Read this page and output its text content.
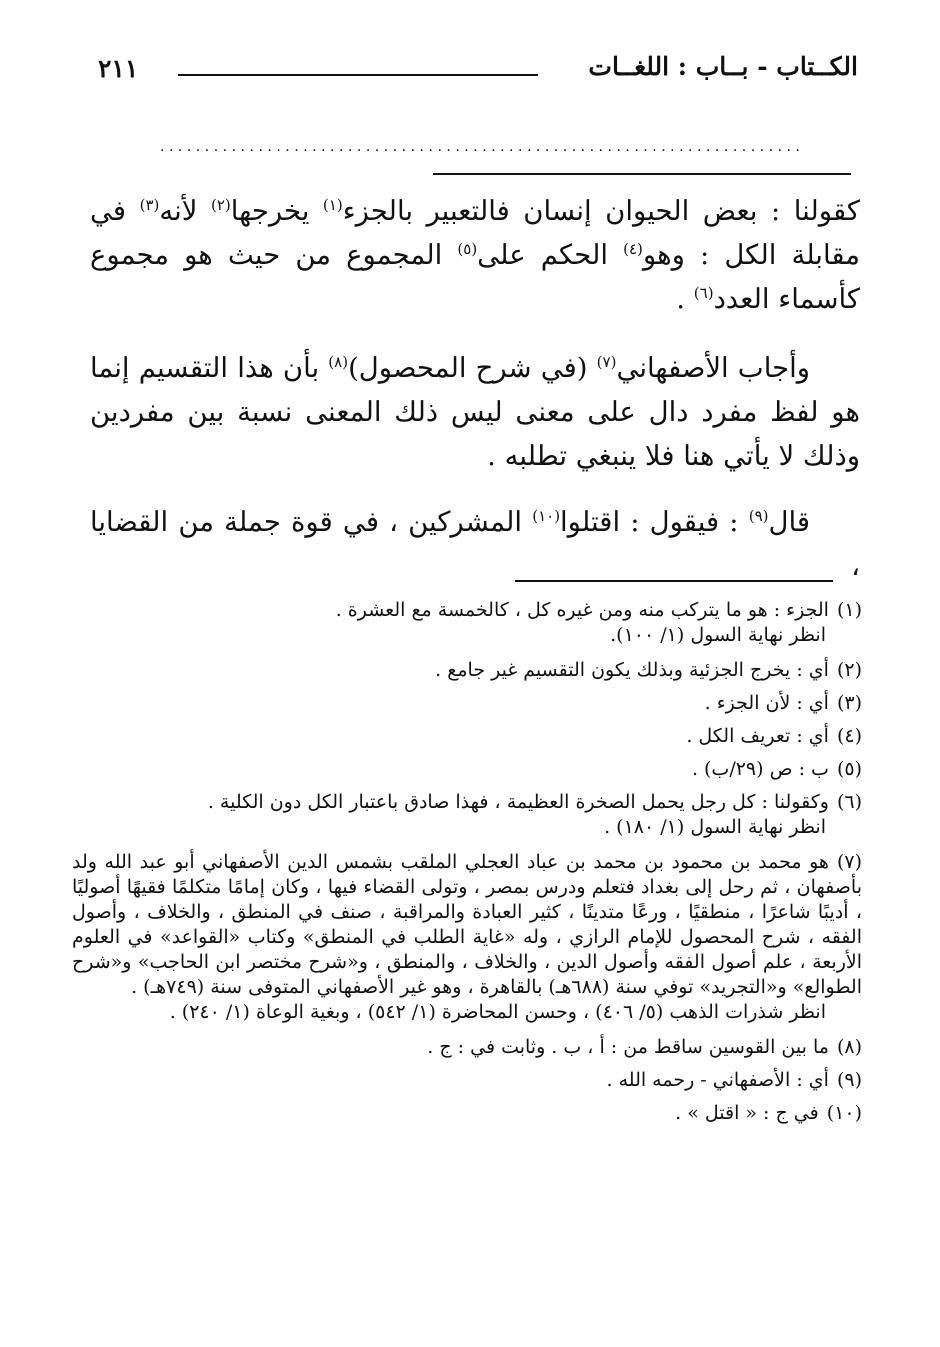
الكــتاب - بــاب : اللغــات
٢١١
........................................................................

كقولنا : بعض الحيوان إنسان فالتعبير بالجزء$^{(١)}$ يخرجها$^{(٢)}$ لأنه$^{(٣)}$ في مقابلة الكل : وهو$^{(٤)}$ الحكم على$^{(٥)}$ المجموع من حيث هو مجموع كأسماء العدد$^{(٦)}$ .

وأجاب الأصفهاني$^{(٧)}$ (في شرح المحصول)$^{(٨)}$ بأن هذا التقسيم إنما هو لفظ مفرد دال على معنى ليس ذلك المعنى نسبة بين مفردين وذلك لا يأتي هنا فلا ينبغي تطلبه .

قال$^{(٩)}$ : فيقول : اقتلوا$^{(١٠)}$ المشركين ، في قوة جملة من القضايا ،

(١)الجزء : هو ما يتركب منه ومن غيره كل ، كالخمسة مع العشرة .

انظر نهاية السول (١/ ١٠٠).

(٢)أي : يخرج الجزئية وبذلك يكون التقسيم غير جامع .

(٣)أي : لأن الجزء .

(٤)أي : تعريف الكل .

(٥)ب : ص (٢٩/ب) .

(٦)وكقولنا : كل رجل يحمل الصخرة العظيمة ، فهذا صادق باعتبار الكل دون الكلية .

انظر نهاية السول (١/ ١٨٠) .

(٧)هو محمد بن محمود بن محمد بن عباد العجلي الملقب بشمس الدين الأصفهاني أبو عبد الله ولد بأصفهان ، ثم رحل إلى بغداد فتعلم ودرس بمصر ، وتولى القضاء فيها ، وكان إمامًا متكلمًا فقيهًا أصوليًا ، أديبًا شاعرًا ، منطقيًا ، ورعًا متدينًا ، كثير العبادة والمراقبة ، صنف في المنطق ، والخلاف ، وأصول الفقه ، شرح المحصول للإمام الرازي ، وله «غاية الطلب في المنطق» وكتاب «القواعد» في العلوم الأربعة ، علم أصول الفقه وأصول الدين ، والخلاف ، والمنطق ، و«شرح مختصر ابن الحاجب» و«شرح الطوالع» و«التجريد» توفي سنة (٦٨٨هـ) بالقاهرة ، وهو غير الأصفهاني المتوفى سنة (٧٤٩هـ) .

انظر شذرات الذهب (٥/ ٤٠٦) ، وحسن المحاضرة (١/ ٥٤٢) ، وبغية الوعاة (١/ ٢٤٠) .

(٨)ما بين القوسين ساقط من : أ ، ب . وثابت في : ج .

(٩)أي : الأصفهاني - رحمه الله .

(١٠)في ج : « اقتل » .
